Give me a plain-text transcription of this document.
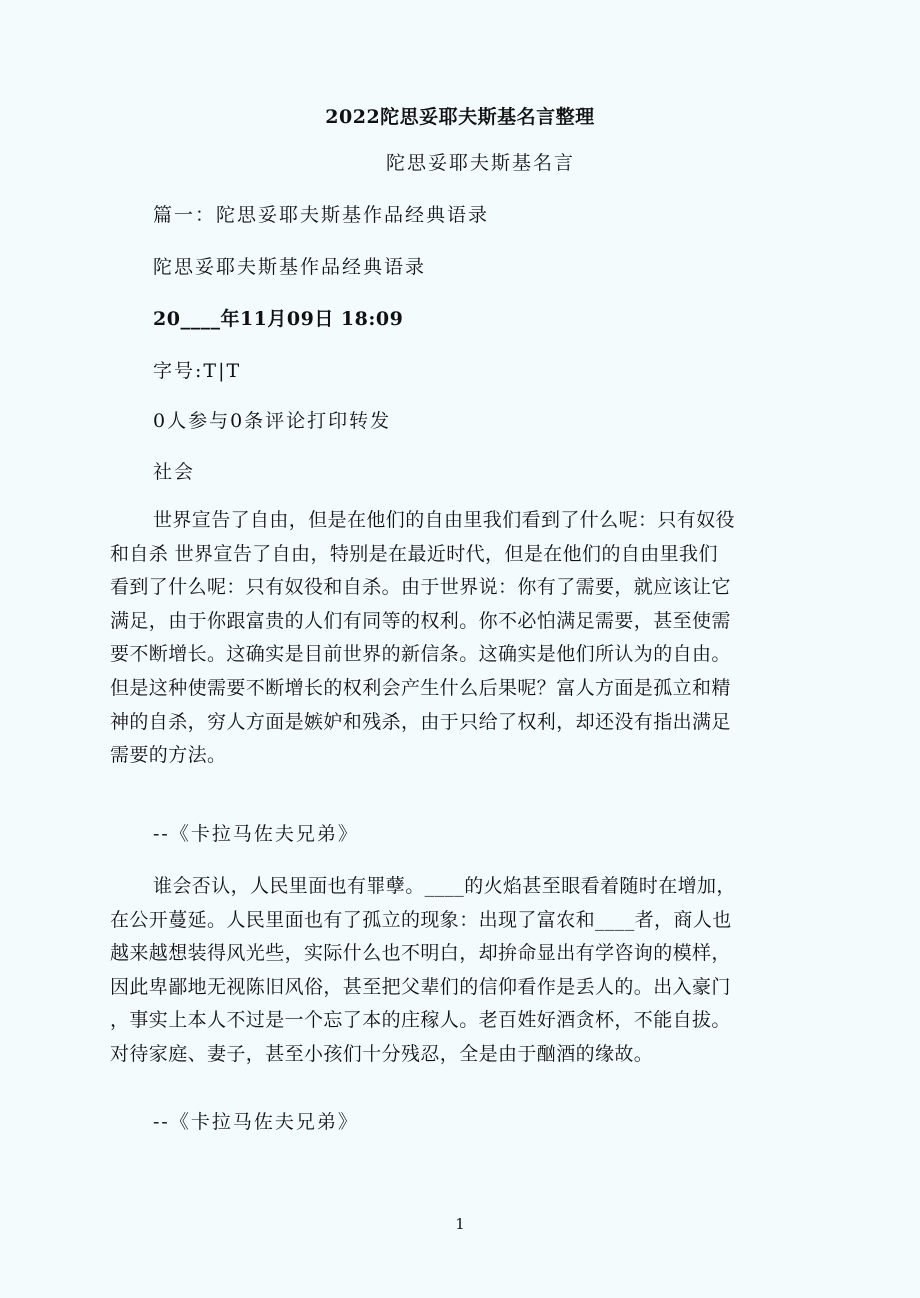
2022陀思妥耶夫斯基名言整理
陀思妥耶夫斯基名言
篇一：陀思妥耶夫斯基作品经典语录
陀思妥耶夫斯基作品经典语录
20____年11月09日 18:09
字号:T|T
0人参与0条评论打印转发
社会
世界宣告了自由，但是在他们的自由里我们看到了什么呢：只有奴役
和自杀 世界宣告了自由，特别是在最近时代，但是在他们的自由里我们
看到了什么呢：只有奴役和自杀。由于世界说：你有了需要，就应该让它
满足，由于你跟富贵的人们有同等的权利。你不必怕满足需要，甚至使需
要不断增长。这确实是目前世界的新信条。这确实是他们所认为的自由。
但是这种使需要不断增长的权利会产生什么后果呢？富人方面是孤立和精
神的自杀，穷人方面是嫉妒和残杀，由于只给了权利，却还没有指出满足
需要的方法。
--《卡拉马佐夫兄弟》
谁会否认，人民里面也有罪孽。____的火焰甚至眼看着随时在增加，
在公开蔓延。人民里面也有了孤立的现象：出现了富农和____者，商人也
越来越想装得风光些，实际什么也不明白，却拚命显出有学咨询的模样，
因此卑鄙地无视陈旧风俗，甚至把父辈们的信仰看作是丢人的。出入豪门
，事实上本人不过是一个忘了本的庄稼人。老百姓好酒贪杯，不能自拔。
对待家庭、妻子，甚至小孩们十分残忍，全是由于酗酒的缘故。
--《卡拉马佐夫兄弟》
1
